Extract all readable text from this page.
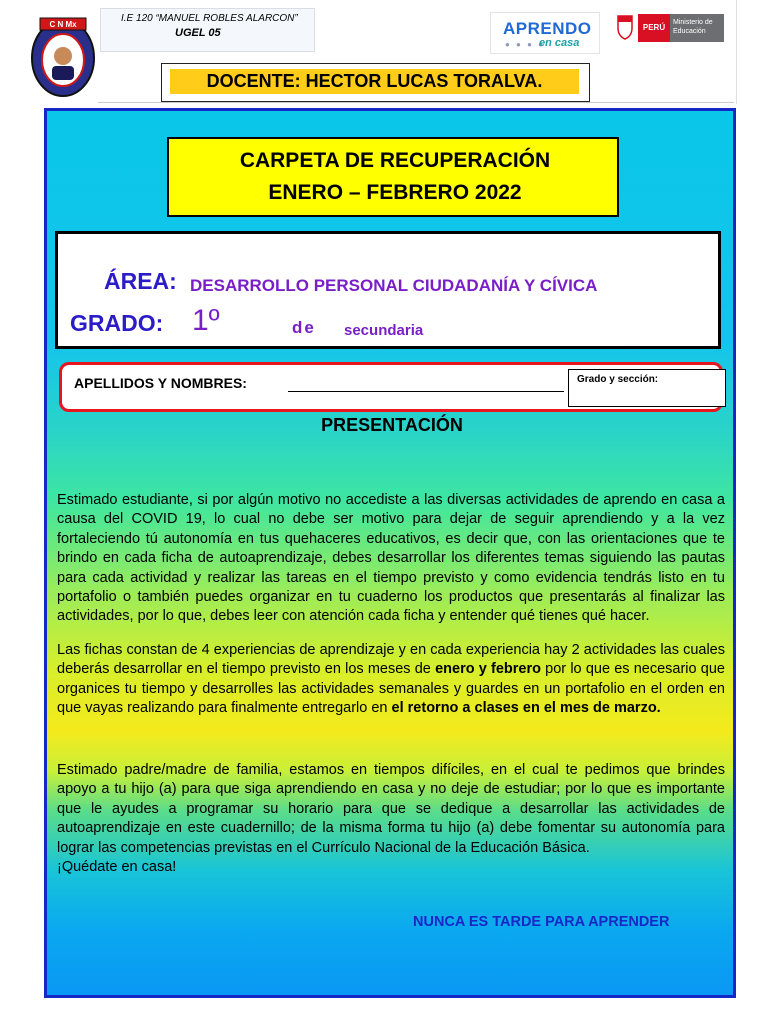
C N Mx
I.E 120 “MANUEL ROBLES ALARCON”
UGEL 05	APRENDO
● ● ● ●
en casa
PERÚ
Ministerio de Educación
DOCENTE: HECTOR LUCAS TORALVA.
CARPETA DE RECUPERACIÓN
ENERO – FEBRERO 2022
ÁREA: DESARROLLO PERSONAL CIUDADANÍA Y CÍVICA
GRADO: 1º	de secundaria
APELLIDOS Y NOMBRES:	Grado y sección:
PRESENTACIÓN
Estimado estudiante, si por algún motivo no accediste a las diversas actividades de aprendo en casa a causa del COVID 19, lo cual no debe ser motivo para dejar de seguir aprendiendo y a la vez fortaleciendo tú autonomía en tus quehaceres educativos, es decir que, con las orientaciones que te brindo en cada ficha de autoaprendizaje, debes desarrollar los diferentes temas siguiendo las pautas para cada actividad y realizar las tareas en el tiempo previsto y como evidencia tendrás listo en tu portafolio o también puedes organizar en tu cuaderno los productos que presentarás al finalizar las actividades, por lo que, debes leer con atención cada ficha y entender qué tienes qué hacer.
Las fichas constan de 4 experiencias de aprendizaje y en cada experiencia hay 2 actividades las cuales deberás desarrollar en el tiempo previsto en los meses de enero y febrero por lo que es necesario que organices tu tiempo y desarrolles las actividades semanales y guardes en un portafolio en el orden en que vayas realizando para finalmente entregarlo en el retorno a clases en el mes de marzo.
Estimado padre/madre de familia, estamos en tiempos difíciles, en el cual te pedimos que brindes apoyo a tu hijo (a) para que siga aprendiendo en casa y no deje de estudiar; por lo que es importante que le ayudes a programar su horario para que se dedique a desarrollar las actividades de autoaprendizaje en este cuadernillo; de la misma forma tu hijo (a) debe fomentar su autonomía para lograr las competencias previstas en el Currículo Nacional de la Educación Básica.
¡Quédate en casa!
NUNCA ES TARDE PARA APRENDER
